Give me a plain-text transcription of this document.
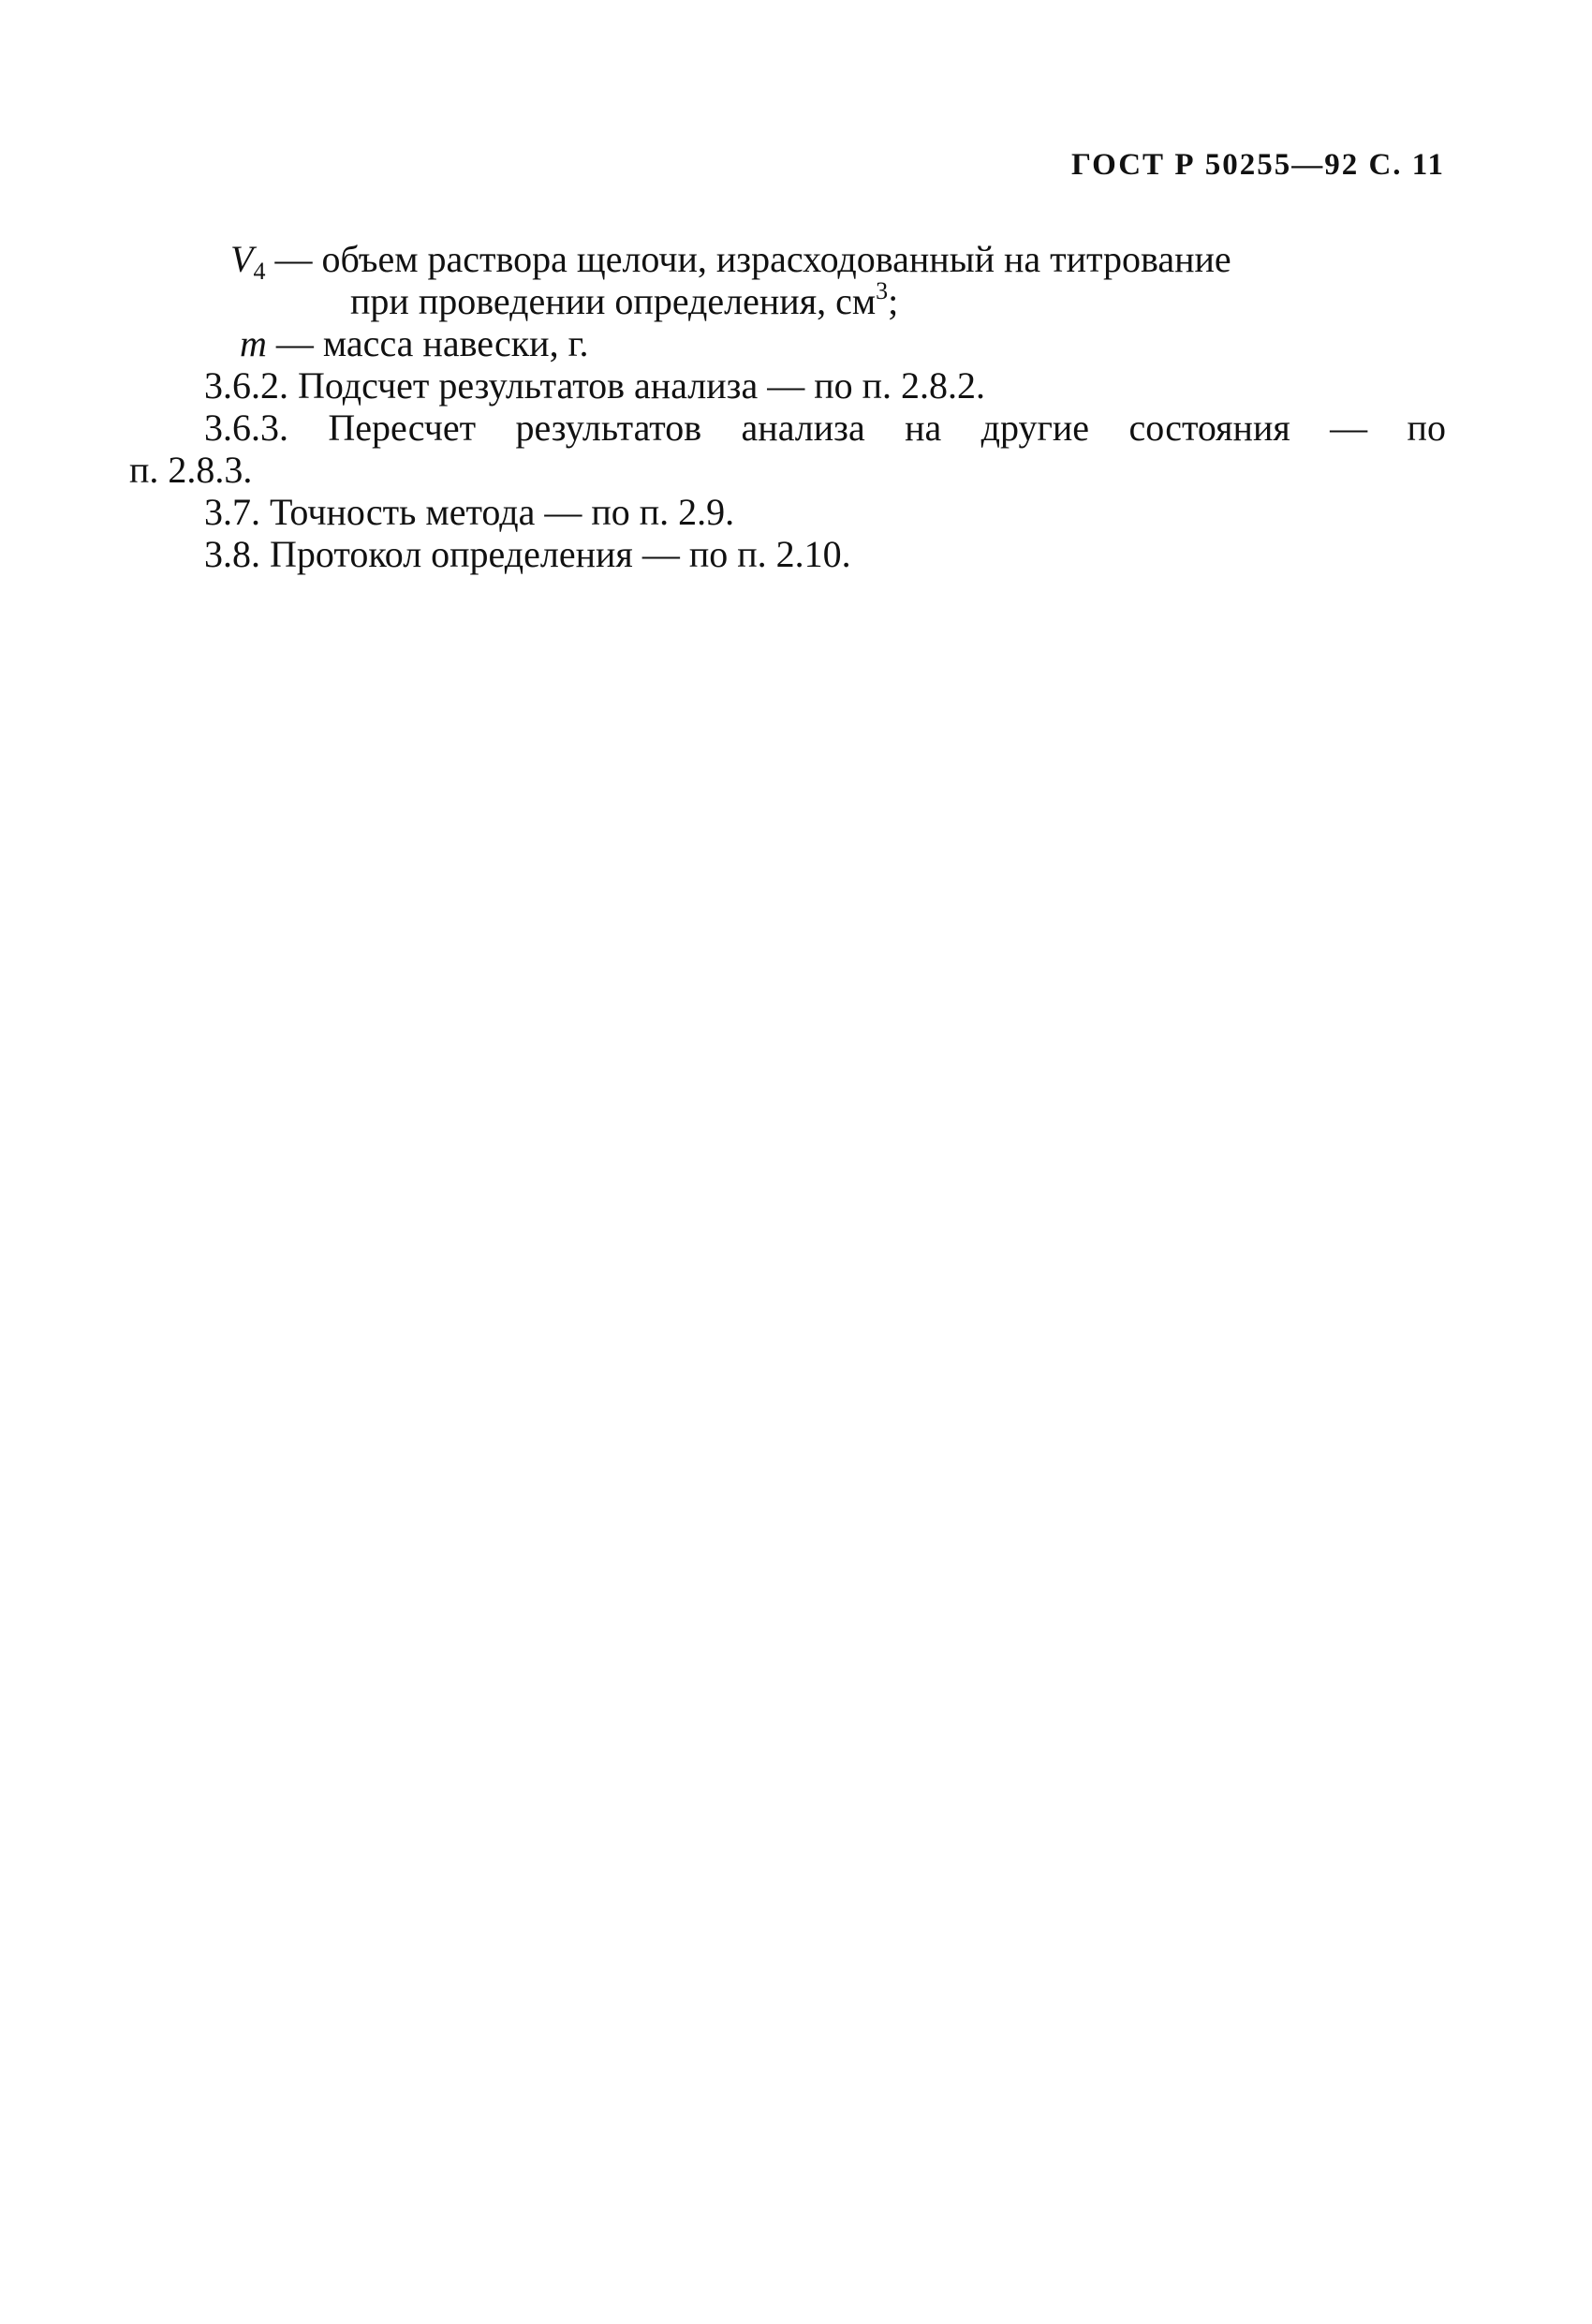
ГОСТ Р 50255—92 С. 11
$V_4$ — объем раствора щелочи, израсходованный на титрование
при проведении определения, $см^3$;
m — масса навески, г.
3.6.2. Подсчет результатов анализа — по п. 2.8.2.
3.6.3. Пересчет результатов анализа на другие состояния — по
п. 2.8.3.
3.7. Точность метода — по п. 2.9.
3.8. Протокол определения — по п. 2.10.
